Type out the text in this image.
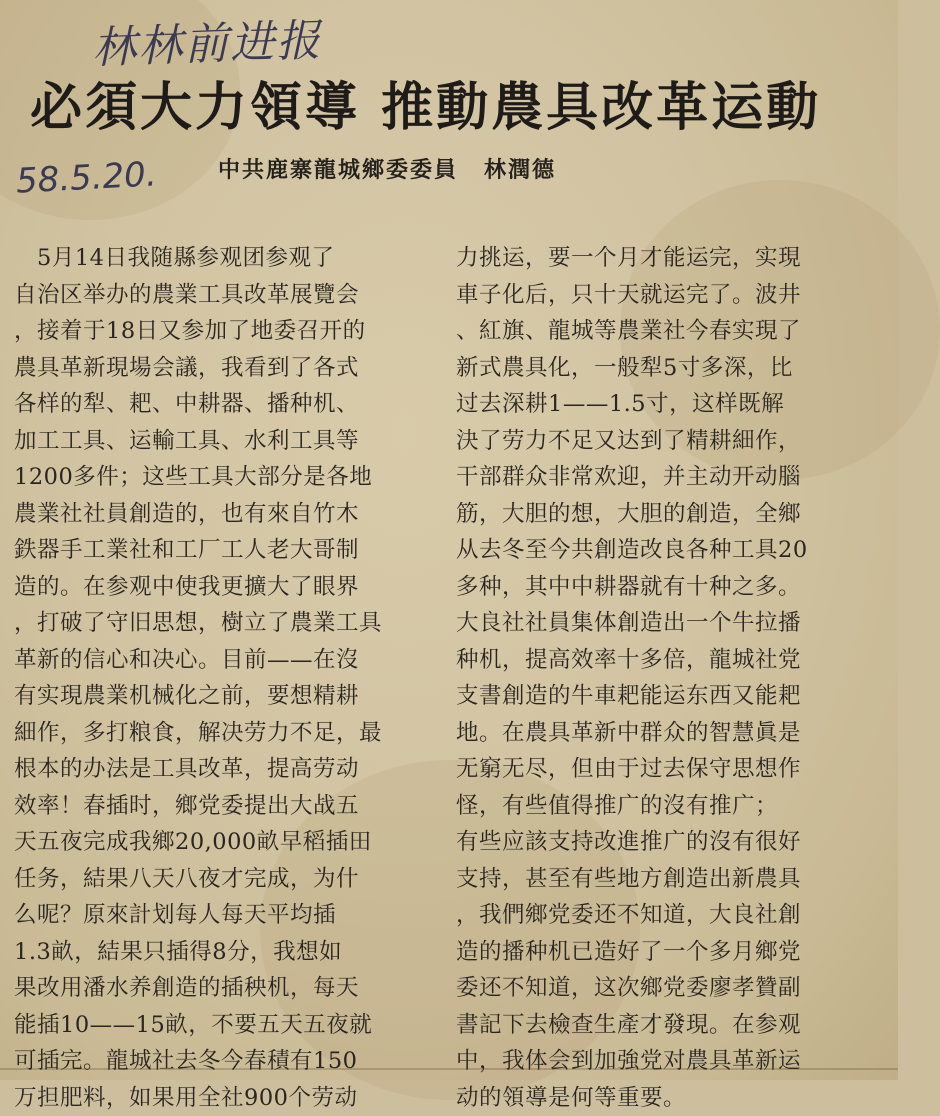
林林前进报
必須大力領導 推動農具改革运動
58.5.20.	中共鹿寨龍城鄉委委員 林潤德
　5月14日我随縣参观团参观了
自治区举办的農業工具改革展覽会
，接着于18日又参加了地委召开的
農具革新現場会議，我看到了各式
各样的犁、耙、中耕器、播种机、
加工工具、运輸工具、水利工具等
1200多件；这些工具大部分是各地
農業社社員創造的，也有來自竹木
鉄器手工業社和工厂工人老大哥制
造的。在参观中使我更擴大了眼界
，打破了守旧思想，樹立了農業工具
革新的信心和决心。目前——在沒
有实現農業机械化之前，要想精耕
細作，多打粮食，解决劳力不足，最
根本的办法是工具改革，提高劳动
效率！春插时，鄉党委提出大战五
天五夜完成我鄉20,000畝早稻插田
任务，結果八天八夜才完成，为什
么呢？原來計划每人每天平均插
1.3畝，結果只插得8分，我想如
果改用潘水养創造的插秧机，每天
能插10——15畝，不要五天五夜就
可插完。龍城社去冬今春積有150
万担肥料，如果用全社900个劳动
力挑运，要一个月才能运完，实現
車子化后，只十天就运完了。波井
、紅旗、龍城等農業社今春实現了
新式農具化，一般犁5寸多深，比
过去深耕1——1.5寸，这样既解
決了劳力不足又达到了精耕細作，
干部群众非常欢迎，并主动开动腦
筋，大胆的想，大胆的創造，全鄉
从去冬至今共創造改良各种工具20
多种，其中中耕器就有十种之多。
大良社社員集体創造出一个牛拉播
种机，提高效率十多倍，龍城社党
支書創造的牛車耙能运东西又能耙
地。在農具革新中群众的智慧眞是
无窮无尽，但由于过去保守思想作
怪，有些值得推广的沒有推广；
有些应該支持改進推广的沒有很好
支持，甚至有些地方創造出新農具
，我們鄉党委还不知道，大良社創
造的播种机已造好了一个多月鄉党
委还不知道，这次鄉党委廖孝贊副
書記下去檢查生產才發現。在参观
中，我体会到加強党对農具革新运
动的領導是何等重要。
